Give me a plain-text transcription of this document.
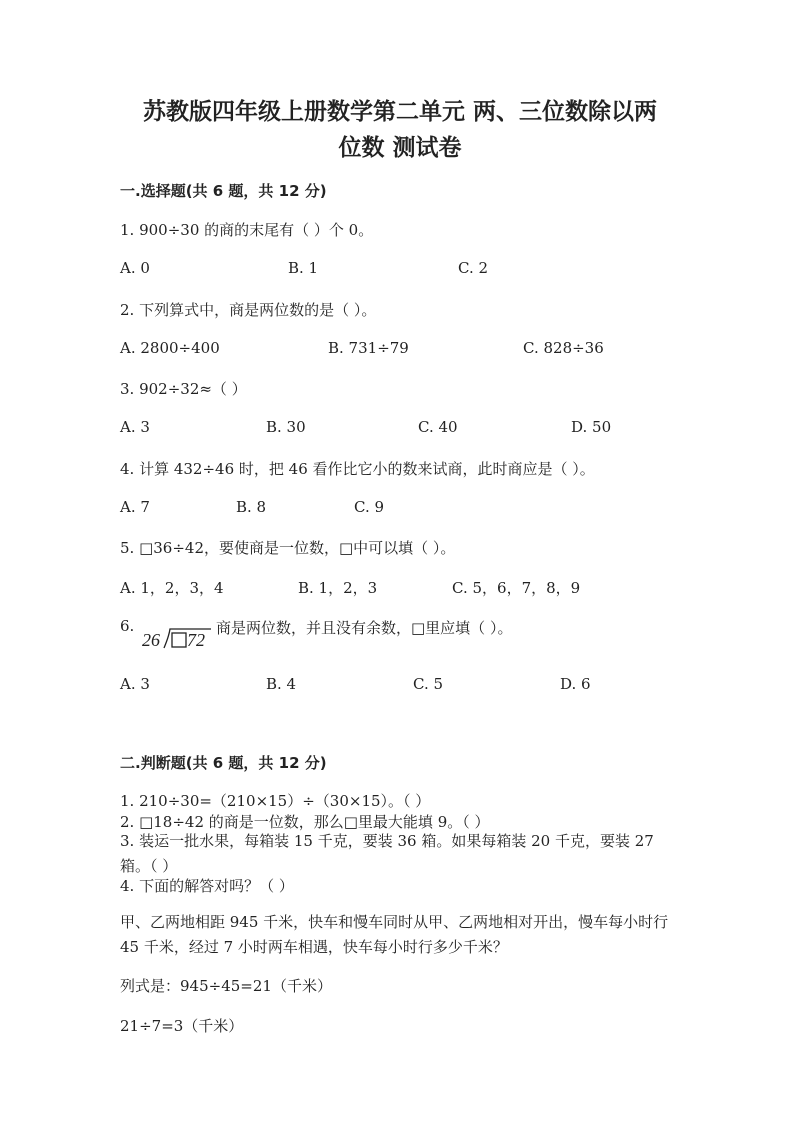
苏教版四年级上册数学第二单元 两、三位数除以两
位数 测试卷
一.选择题(共 6 题，共 12 分)
1. 900÷30 的商的末尾有（ ）个 0。
A. 0	B. 1	C. 2
2. 下列算式中，商是两位数的是（ ）。
A. 2800÷400	B. 731÷79	C. 828÷36
3. 902÷32≈（ ）
A. 3	B. 30	C. 40	D. 50
4. 计算 432÷46 时，把 46 看作比它小的数来试商，此时商应是（ ）。
A. 7	B. 8	C. 9
5. □36÷42，要使商是一位数，□中可以填（ ）。
A. 1，2，3，4	B. 1，2，3	C. 5，6，7，8，9
6.
26 72
商是两位数，并且没有余数，□里应填（ ）。
A. 3	B. 4	C. 5	D. 6
二.判断题(共 6 题，共 12 分)
1. 210÷30=（210×15）÷（30×15）。（ ）
2. □18÷42 的商是一位数，那么□里最大能填 9。（ ）
3. 装运一批水果，每箱装 15 千克，要装 36 箱。如果每箱装 20 千克，要装 27 箱。（ ）
4. 下面的解答对吗？（ ）
甲、乙两地相距 945 千米，快车和慢车同时从甲、乙两地相对开出，慢车每小时行 45 千米，经过 7 小时两车相遇，快车每小时行多少千米？
列式是：945÷45=21（千米）
21÷7=3（千米）
